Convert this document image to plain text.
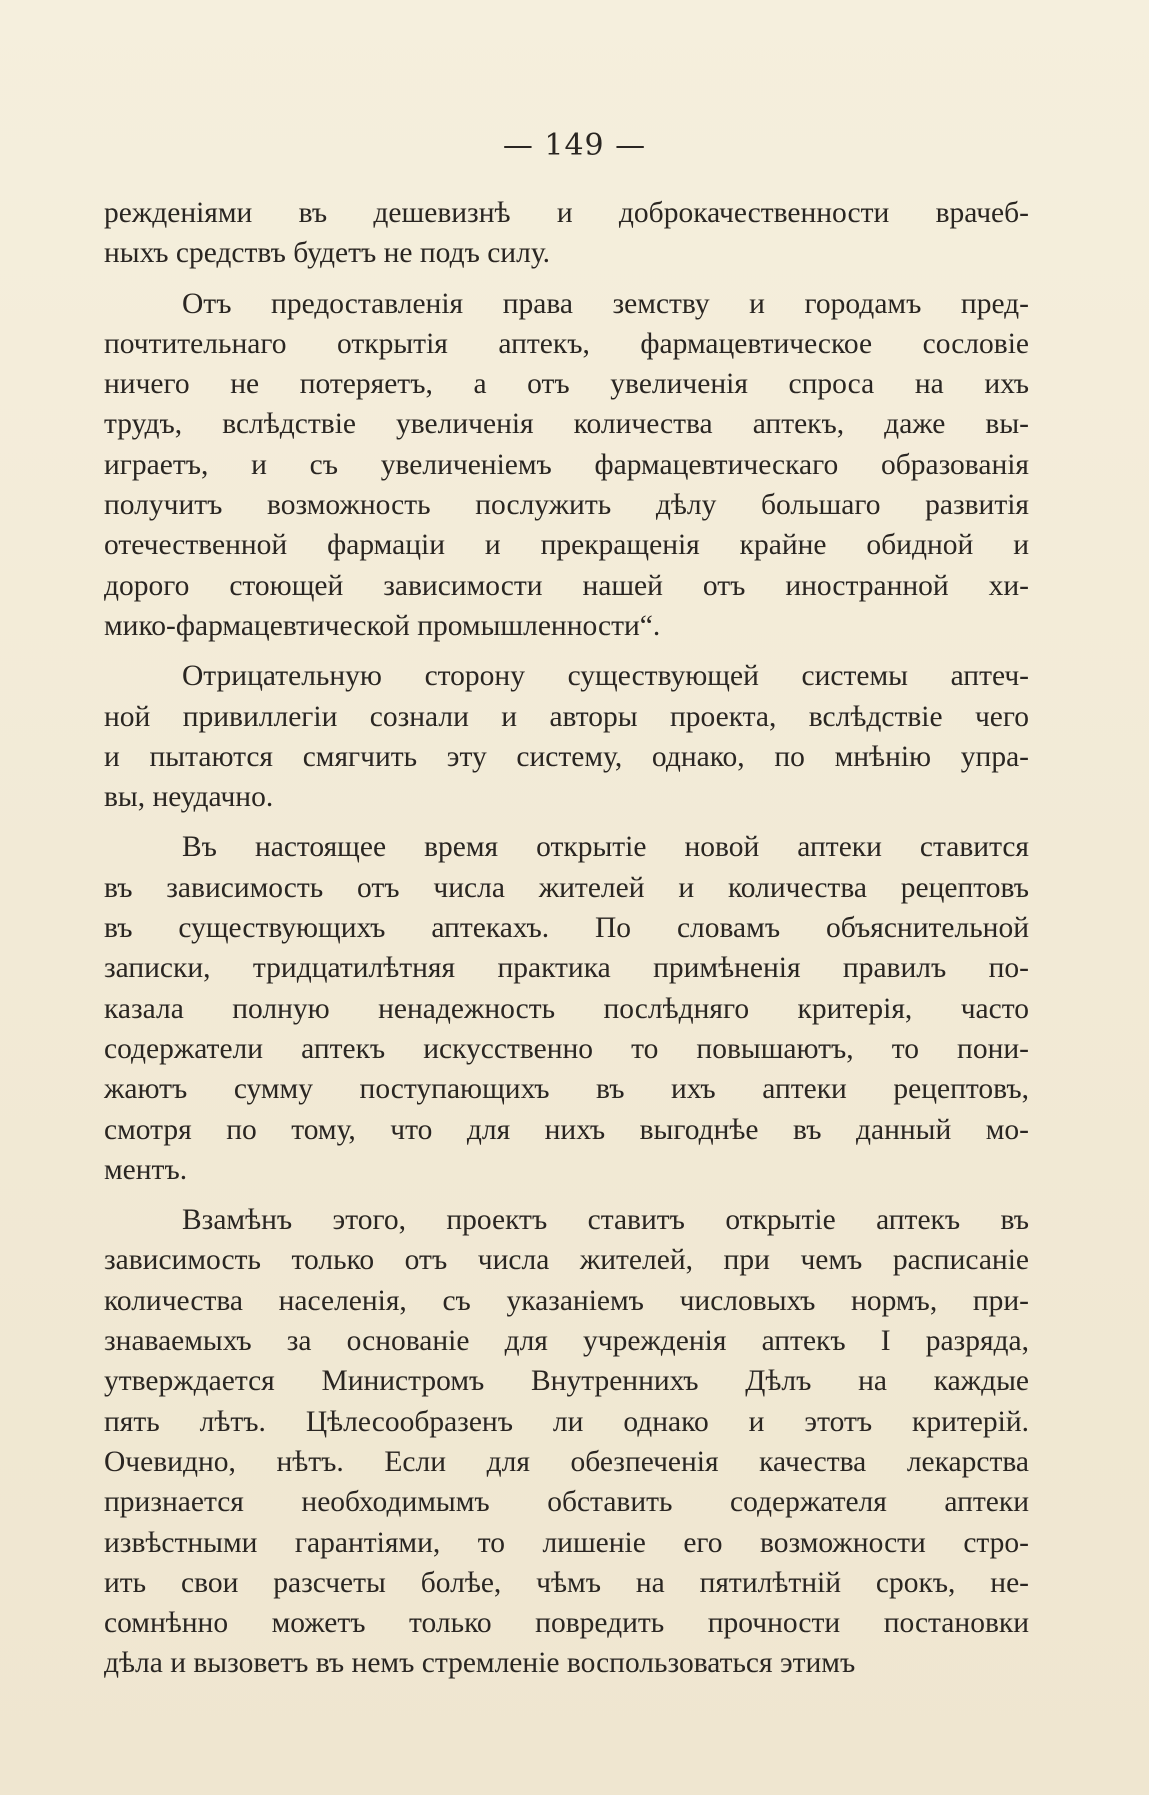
— 149 —
режденіями въ дешевизнѣ и доброкачественности врачеб-
ныхъ средствъ будетъ не подъ силу.
Отъ предоставленія права земству и городамъ пред-
почтительнаго открытія аптекъ, фармацевтическое сословіе
ничего не потеряетъ, а отъ увеличенія спроса на ихъ
трудъ, вслѣдствіе увеличенія количества аптекъ, даже вы-
играетъ, и съ увеличеніемъ фармацевтическаго образованія
получитъ возможность послужить дѣлу большаго развитія
отечественной фармаціи и прекращенія крайне обидной и
дорого стоющей зависимости нашей отъ иностранной хи-
мико-фармацевтической промышленности“.
Отрицательную сторону существующей системы аптеч-
ной привиллегіи сознали и авторы проекта, вслѣдствіе чего
и пытаются смягчить эту систему, однако, по мнѣнію упра-
вы, неудачно.
Въ настоящее время открытіе новой аптеки ставится
въ зависимость отъ числа жителей и количества рецептовъ
въ существующихъ аптекахъ. По словамъ объяснительной
записки, тридцатилѣтняя практика примѣненія правилъ по-
казала полную ненадежность послѣдняго критерія, часто
содержатели аптекъ искусственно то повышаютъ, то пони-
жаютъ сумму поступающихъ въ ихъ аптеки рецептовъ,
смотря по тому, что для нихъ выгоднѣе въ данный мо-
ментъ.
Взамѣнъ этого, проектъ ставитъ открытіе аптекъ въ
зависимость только отъ числа жителей, при чемъ расписаніе
количества населенія, съ указаніемъ числовыхъ нормъ, при-
знаваемыхъ за основаніе для учрежденія аптекъ I разряда,
утверждается Министромъ Внутреннихъ Дѣлъ на каждые
пять лѣтъ. Цѣлесообразенъ ли однако и этотъ критерій.
Очевидно, нѣтъ. Если для обезпеченія качества лекарства
признается необходимымъ обставить содержателя аптеки
извѣстными гарантіями, то лишеніе его возможности стро-
ить свои разсчеты болѣе, чѣмъ на пятилѣтній срокъ, не-
сомнѣнно можетъ только повредить прочности постановки
дѣла и вызоветъ въ немъ стремленіе воспользоваться этимъ
